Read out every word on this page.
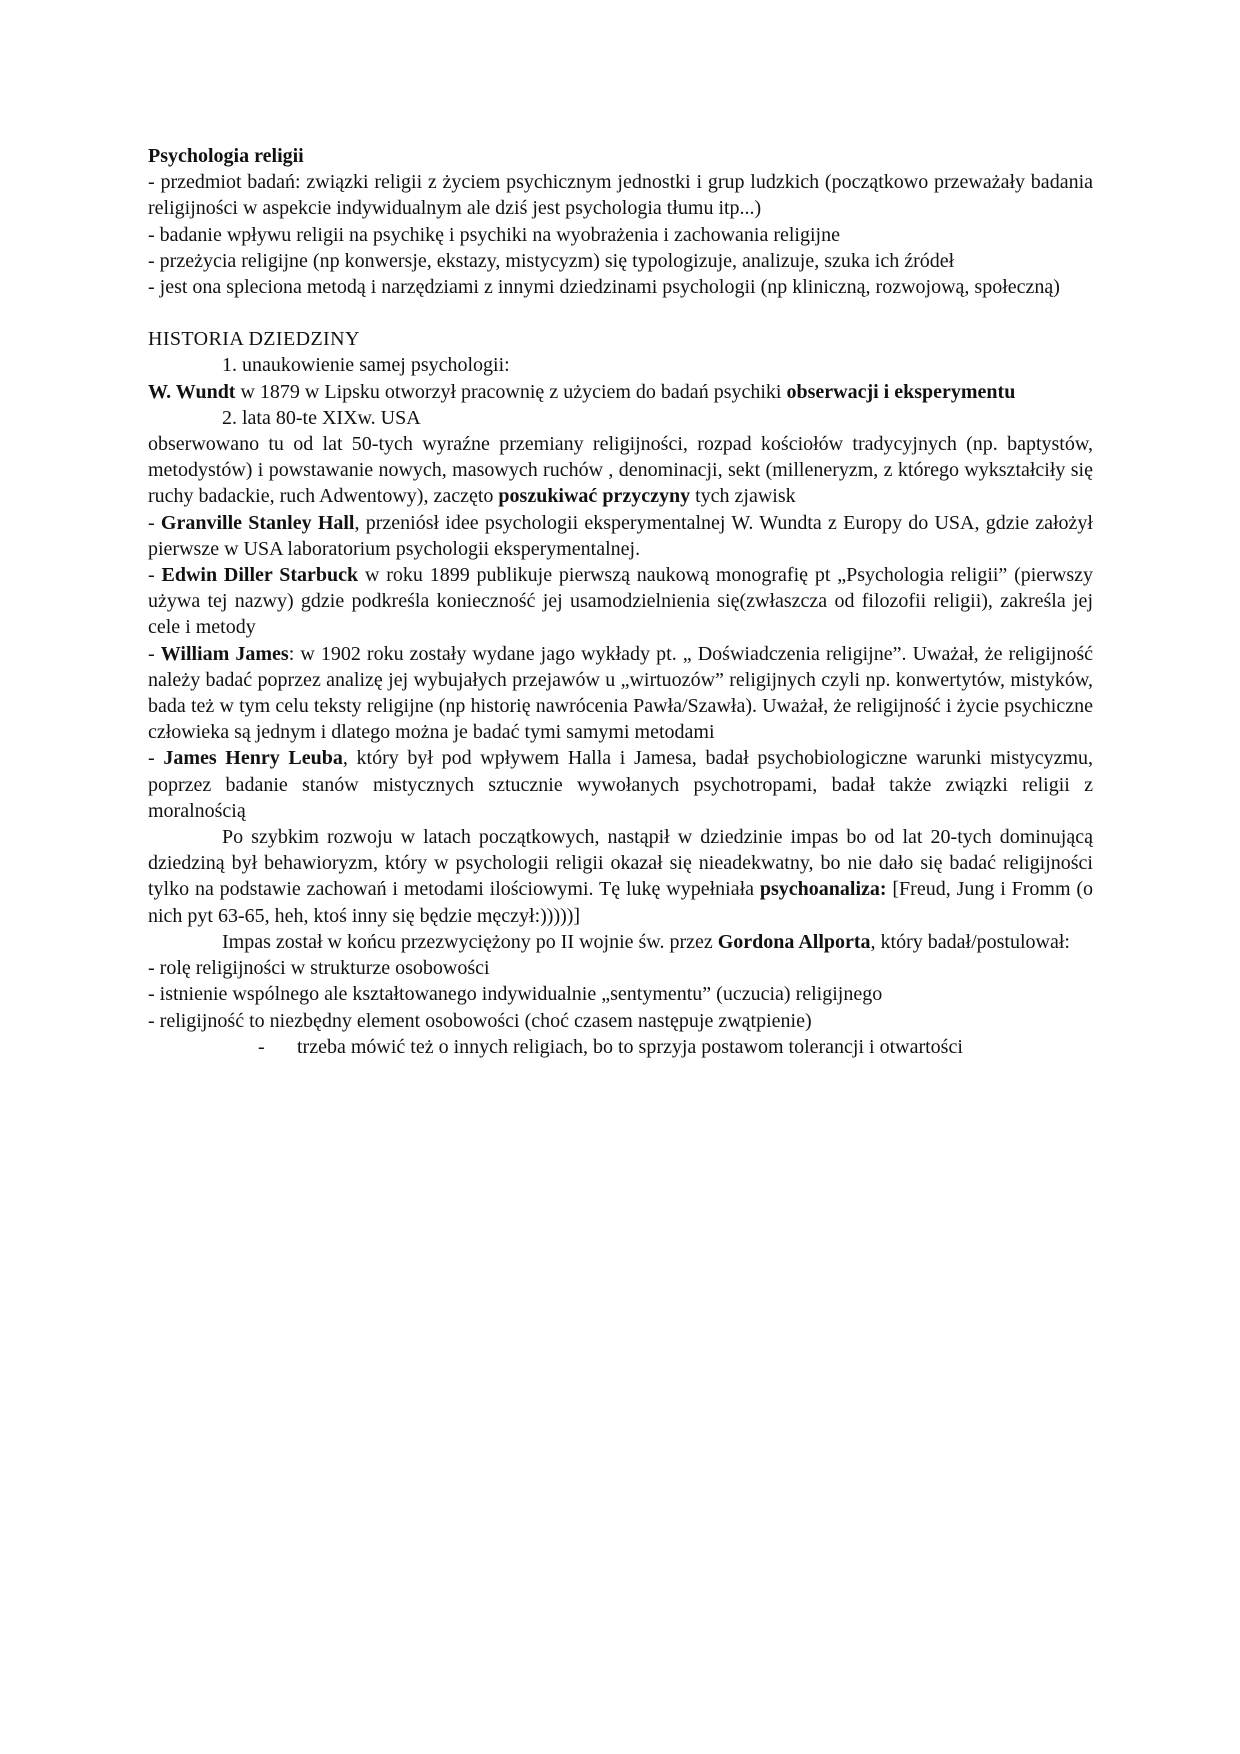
Psychologia religii
- przedmiot badań: związki religii z życiem psychicznym jednostki i grup ludzkich (początkowo przeważały badania religijności w aspekcie indywidualnym ale dziś jest psychologia tłumu itp...)
- badanie wpływu religii na psychikę i psychiki na wyobrażenia i zachowania religijne
- przeżycia religijne (np konwersje, ekstazy, mistycyzm) się typologizuje, analizuje, szuka ich źródeł
- jest ona spleciona metodą i narzędziami z innymi dziedzinami psychologii (np kliniczną, rozwojową, społeczną)

HISTORIA DZIEDZINY

1. unaukowienie samej psychologii:

W. Wundt w 1879 w Lipsku otworzył pracownię z użyciem do badań psychiki obserwacji i eksperymentu

2. lata 80-te XIXw. USA

obserwowano tu od lat 50-tych wyraźne przemiany religijności, rozpad kościołów tradycyjnych (np. baptystów, metodystów) i powstawanie nowych, masowych ruchów , denominacji, sekt (milleneryzm, z którego wykształciły się ruchy badackie, ruch Adwentowy), zaczęto poszukiwać przyczyny tych zjawisk

- Granville Stanley Hall, przeniósł idee psychologii eksperymentalnej W. Wundta z Europy do USA, gdzie założył pierwsze w USA laboratorium psychologii eksperymentalnej.

- Edwin Diller Starbuck w roku 1899 publikuje pierwszą naukową monografię pt „Psychologia religii” (pierwszy używa tej nazwy) gdzie podkreśla konieczność jej usamodzielnienia się(zwłaszcza od filozofii religii), zakreśla jej cele i metody

- William James: w 1902 roku zostały wydane jago wykłady pt. „ Doświadczenia religijne”. Uważał, że religijność należy badać poprzez analizę jej wybujałych przejawów u „wirtuozów” religijnych czyli np. konwertytów, mistyków, bada też w tym celu teksty religijne (np historię nawrócenia Pawła/Szawła). Uważał, że religijność i życie psychiczne człowieka są jednym i dlatego można je badać tymi samymi metodami

- James Henry Leuba, który był pod wpływem Halla i Jamesa, badał psychobiologiczne warunki mistycyzmu, poprzez badanie stanów mistycznych sztucznie wywołanych psychotropami, badał także związki religii z moralnością

Po szybkim rozwoju w latach początkowych, nastąpił w dziedzinie impas bo od lat 20-tych dominującą dziedziną był behawioryzm, który w psychologii religii okazał się nieadekwatny, bo nie dało się badać religijności tylko na podstawie zachowań i metodami ilościowymi. Tę lukę wypełniała psychoanaliza: [Freud, Jung i Fromm (o nich pyt 63-65, heh, ktoś inny się będzie męczył:)))))]

Impas został w końcu przezwyciężony po II wojnie św. przez Gordona Allporta, który badał/postulował:

- rolę religijności w strukturze osobowości
- istnienie wspólnego ale kształtowanego indywidualnie „sentymentu” (uczucia) religijnego
- religijność to niezbędny element osobowości (choć czasem następuje zwątpienie)

-	trzeba mówić też o innych religiach, bo to sprzyja postawom tolerancji i otwartości
